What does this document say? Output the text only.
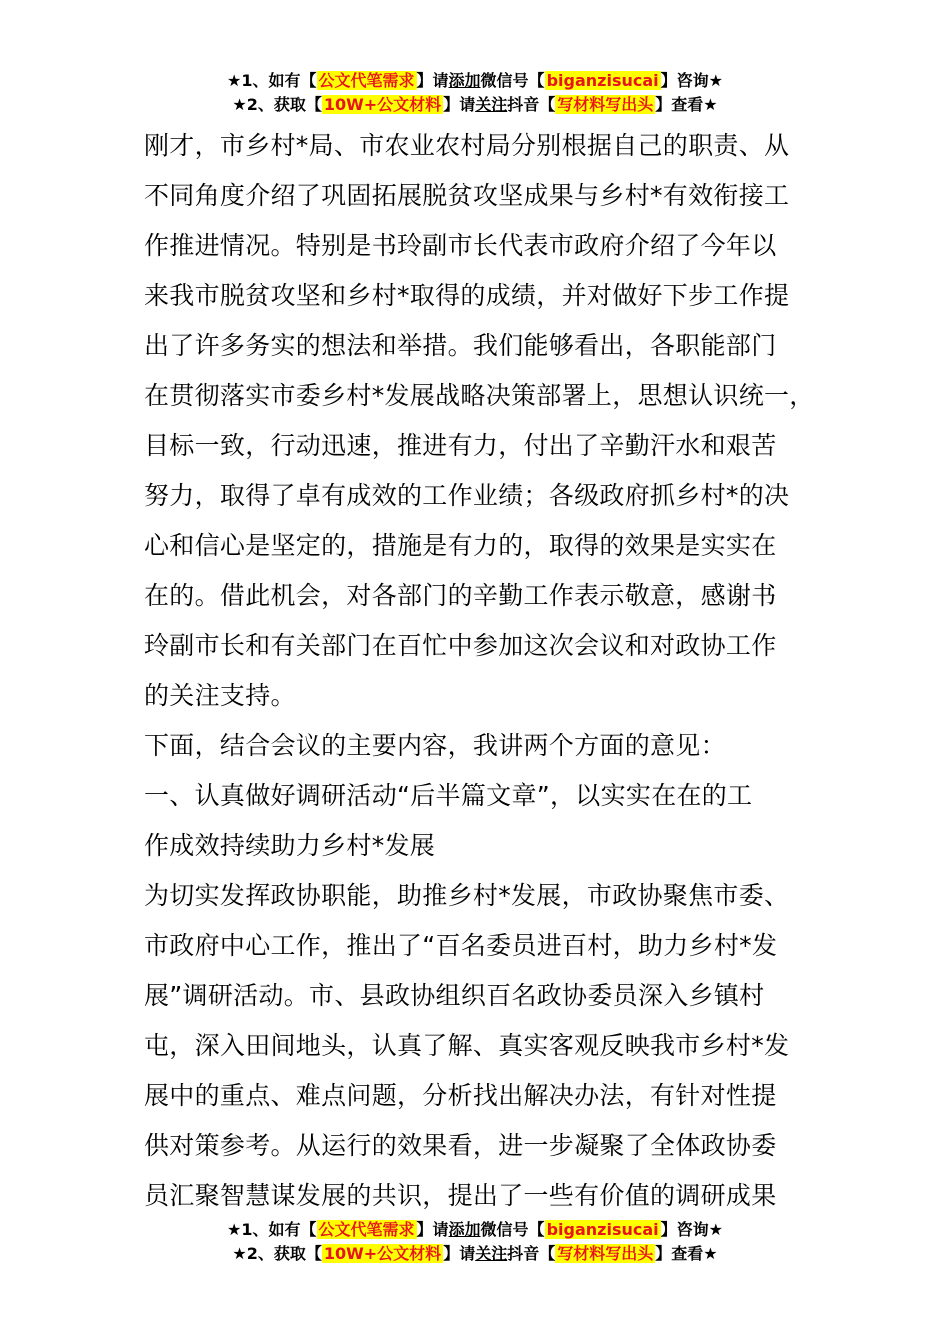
★1、如有【 公文代笔需求 】请添加微信号【 biganzisucai 】咨询★
★2、获取【 10W+公文材料 】请关注抖音【 写材料写出头 】查看★
刚才，市乡村*局、市农业农村局分别根据自己的职责、从
不同角度介绍了巩固拓展脱贫攻坚成果与乡村*有效衔接工
作推进情况。特别是书玲副市长代表市政府介绍了今年以
来我市脱贫攻坚和乡村*取得的成绩，并对做好下步工作提
出了许多务实的想法和举措。我们能够看出，各职能部门
在贯彻落实市委乡村*发展战略决策部署上，思想认识统一，
目标一致，行动迅速，推进有力，付出了辛勤汗水和艰苦
努力，取得了卓有成效的工作业绩；各级政府抓乡村*的决
心和信心是坚定的，措施是有力的，取得的效果是实实在
在的。借此机会，对各部门的辛勤工作表示敬意，感谢书
玲副市长和有关部门在百忙中参加这次会议和对政协工作
的关注支持。
下面，结合会议的主要内容，我讲两个方面的意见：
一、认真做好调研活动“后半篇文章”，以实实在在的工
作成效持续助力乡村*发展
为切实发挥政协职能，助推乡村*发展，市政协聚焦市委、
市政府中心工作，推出了“百名委员进百村，助力乡村*发
展”调研活动。市、县政协组织百名政协委员深入乡镇村
屯，深入田间地头，认真了解、真实客观反映我市乡村*发
展中的重点、难点问题，分析找出解决办法，有针对性提
供对策参考。从运行的效果看，进一步凝聚了全体政协委
员汇聚智慧谋发展的共识，提出了一些有价值的调研成果
★1、如有【 公文代笔需求 】请添加微信号【 biganzisucai 】咨询★
★2、获取【 10W+公文材料 】请关注抖音【 写材料写出头 】查看★
